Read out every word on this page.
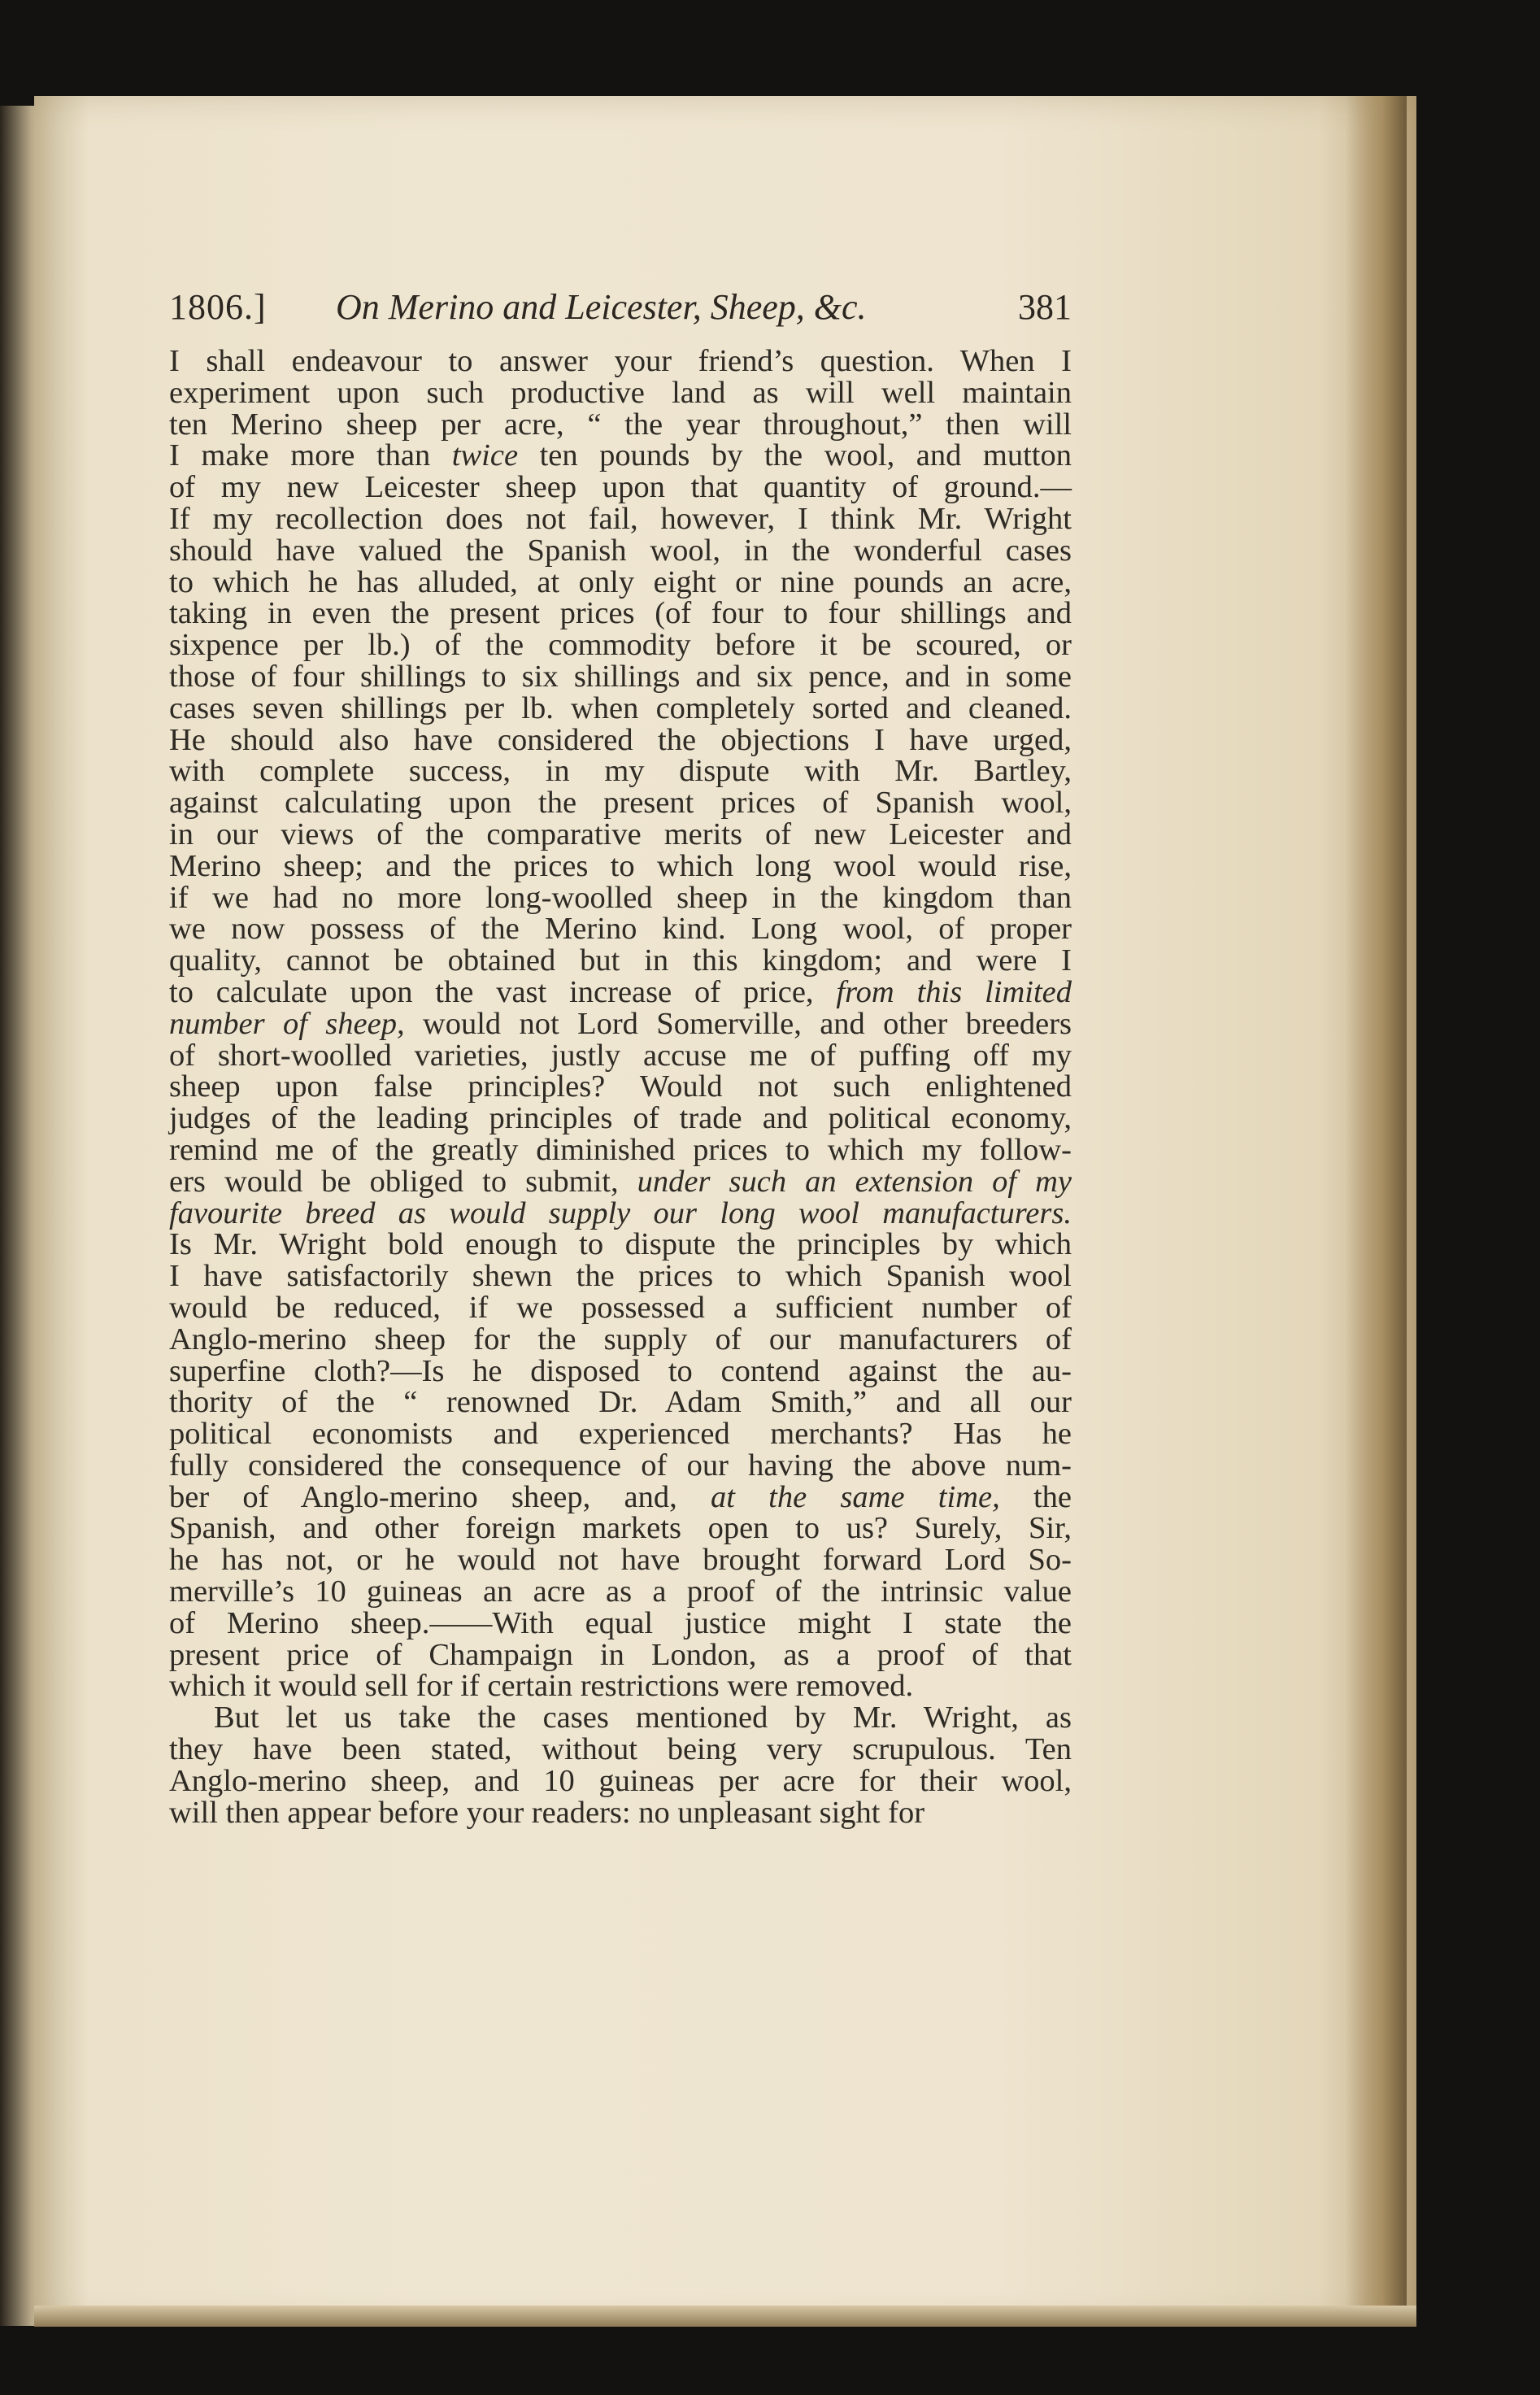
1806.] On Merino and Leicester, Sheep, &c.	381
I shall endeavour to answer your friend’s question. When I
experiment upon such productive land as will well maintain
ten Merino sheep per acre, “ the year throughout,” then will
I make more than twice ten pounds by the wool, and mutton
of my new Leicester sheep upon that quantity of ground.—
If my recollection does not fail, however, I think Mr. Wright
should have valued the Spanish wool, in the wonderful cases
to which he has alluded, at only eight or nine pounds an acre,
taking in even the present prices (of four to four shillings and
sixpence per lb.) of the commodity before it be scoured, or
those of four shillings to six shillings and six pence, and in some
cases seven shillings per lb. when completely sorted and cleaned.
He should also have considered the objections I have urged,
with complete success, in my dispute with Mr. Bartley,
against calculating upon the present prices of Spanish wool,
in our views of the comparative merits of new Leicester and
Merino sheep; and the prices to which long wool would rise,
if we had no more long-woolled sheep in the kingdom than
we now possess of the Merino kind. Long wool, of proper
quality, cannot be obtained but in this kingdom; and were I
to calculate upon the vast increase of price, from this limited
number of sheep, would not Lord Somerville, and other breeders
of short-woolled varieties, justly accuse me of puffing off my
sheep upon false principles? Would not such enlightened
judges of the leading principles of trade and political economy,
remind me of the greatly diminished prices to which my follow-
ers would be obliged to submit, under such an extension of my
favourite breed as would supply our long wool manufacturers.
Is Mr. Wright bold enough to dispute the principles by which
I have satisfactorily shewn the prices to which Spanish wool
would be reduced, if we possessed a sufficient number of
Anglo-merino sheep for the supply of our manufacturers of
superfine cloth?—Is he disposed to contend against the au-
thority of the “ renowned Dr. Adam Smith,” and all our
political economists and experienced merchants? Has he
fully considered the consequence of our having the above num-
ber of Anglo-merino sheep, and, at the same time, the
Spanish, and other foreign markets open to us? Surely, Sir,
he has not, or he would not have brought forward Lord So-
merville’s 10 guineas an acre as a proof of the intrinsic value
of Merino sheep.——With equal justice might I state the
present price of Champaign in London, as a proof of that
which it would sell for if certain restrictions were removed.
But let us take the cases mentioned by Mr. Wright, as
they have been stated, without being very scrupulous. Ten
Anglo-merino sheep, and 10 guineas per acre for their wool,
will then appear before your readers: no unpleasant sight for
